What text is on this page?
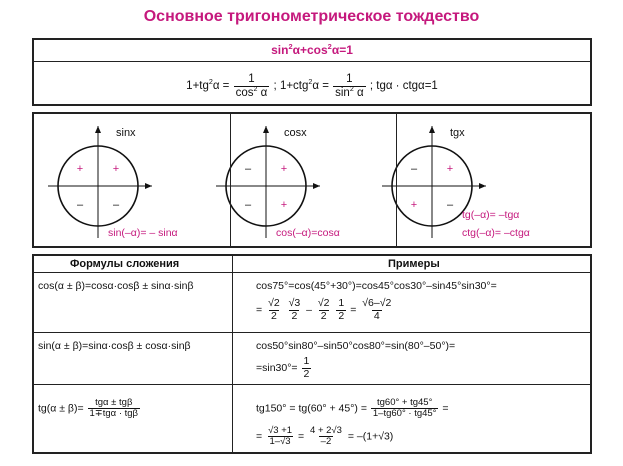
Основное тригонометрическое тождество
$\sin^2\alpha+\cos^2\alpha=1$
$1+tg^2\alpha = \frac{1}{\cos^2 \alpha}$ ; $1+ctg^2\alpha = \frac{1}{\sin^2 \alpha}$ ; tgα · ctgα=1
sinx
+	+
–	–
sin(–α)= – sinα
cosx
–	+
–	+
cos(–α)=cosα
tgx
–	+
+	–
tg(–α)= –tgα
ctg(–α)= –ctgα
Формулы сложения	Примеры
cos(α ± β)=cosα·cosβ ± sinα·sinβ	cos75°=cos(45°+30°)=cos45°cos30°–sin45°sin30°=
= $\frac{√2}{2}$
$\frac{√3}{2} - \frac{√2}{2}$
$\frac{1}{2} = \frac{√6-√2}{4}$
sin(α ± β)=sinα·cosβ ± cosα·sinβ	cos50°sin80°–sin50°cos80°=sin(80°–50°)=
$=\sin 30^\circ= \frac{1}{2}$
$tg(\alpha \pm \beta)= \frac{\text{tgα ± tgβ}}{\text{1∓tgα · tgβ}}$	$tg150^\circ = tg(60^\circ + 45^\circ) = \frac{tg60^\circ + tg45^\circ}{1-tg60^\circ \cdot tg45^\circ}$ =
= $\frac{√3 +1}{1-√3} = \frac{4 + 2√3}{-2} = -(1+√3)$
